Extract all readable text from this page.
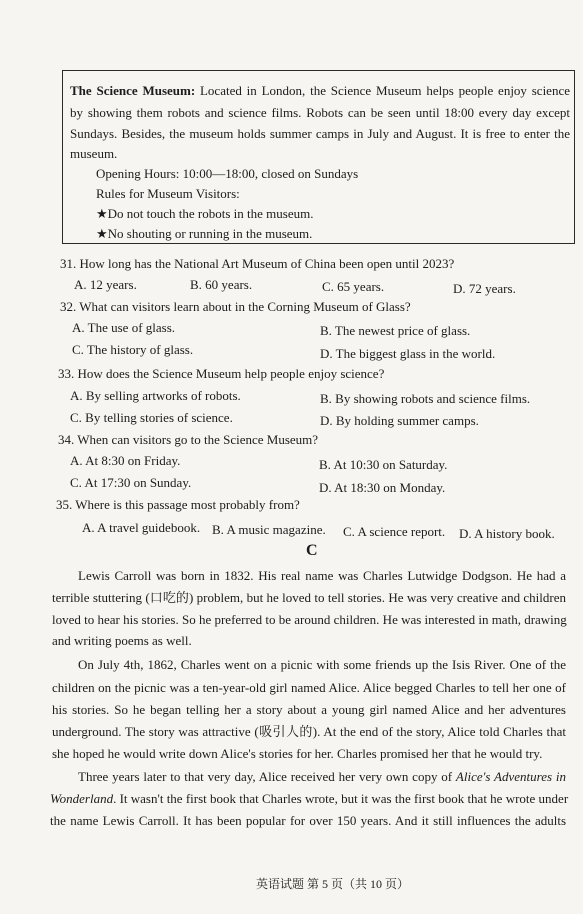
The Science Museum: Located in London, the Science Museum helps people enjoy science
by showing them robots and science films. Robots can be seen until 18:00 every day except
Sundays. Besides, the museum holds summer camps in July and August. It is free to enter the
museum.
Opening Hours: 10:00—18:00, closed on Sundays
Rules for Museum Visitors:
★Do not touch the robots in the museum.
★No shouting or running in the museum.
31. How long has the National Art Museum of China been open until 2023?
A. 12 years.	B. 60 years.	C. 65 years.	D. 72 years.
32. What can visitors learn about in the Corning Museum of Glass?
A. The use of glass.	B. The newest price of glass.
C. The history of glass.	D. The biggest glass in the world.
33. How does the Science Museum help people enjoy science?
A. By selling artworks of robots.	B. By showing robots and science films.
C. By telling stories of science.	D. By holding summer camps.
34. When can visitors go to the Science Museum?
A. At 8:30 on Friday.	B. At 10:30 on Saturday.
C. At 17:30 on Sunday.	D. At 18:30 on Monday.
35. Where is this passage most probably from?
A. A travel guidebook. B. A music magazine. C. A science report. D. A history book.
C
Lewis Carroll was born in 1832. His real name was Charles Lutwidge Dodgson. He had a
terrible stuttering (口吃的) problem, but he loved to tell stories. He was very creative and children
loved to hear his stories. So he preferred to be around children. He was interested in math, drawing
and writing poems as well.
On July 4th, 1862, Charles went on a picnic with some friends up the Isis River. One of the
children on the picnic was a ten-year-old girl named Alice. Alice begged Charles to tell her one of
his stories. So he began telling her a story about a young girl named Alice and her adventures
underground. The story was attractive (吸引人的). At the end of the story, Alice told Charles that
she hoped he would write down Alice's stories for her. Charles promised her that he would try.
Three years later to that very day, Alice received her very own copy of Alice's Adventures in
Wonderland. It wasn't the first book that Charles wrote, but it was the first book that he wrote under
the name Lewis Carroll. It has been popular for over 150 years. And it still influences the adults
英语试题 第 5 页（共 10 页）
